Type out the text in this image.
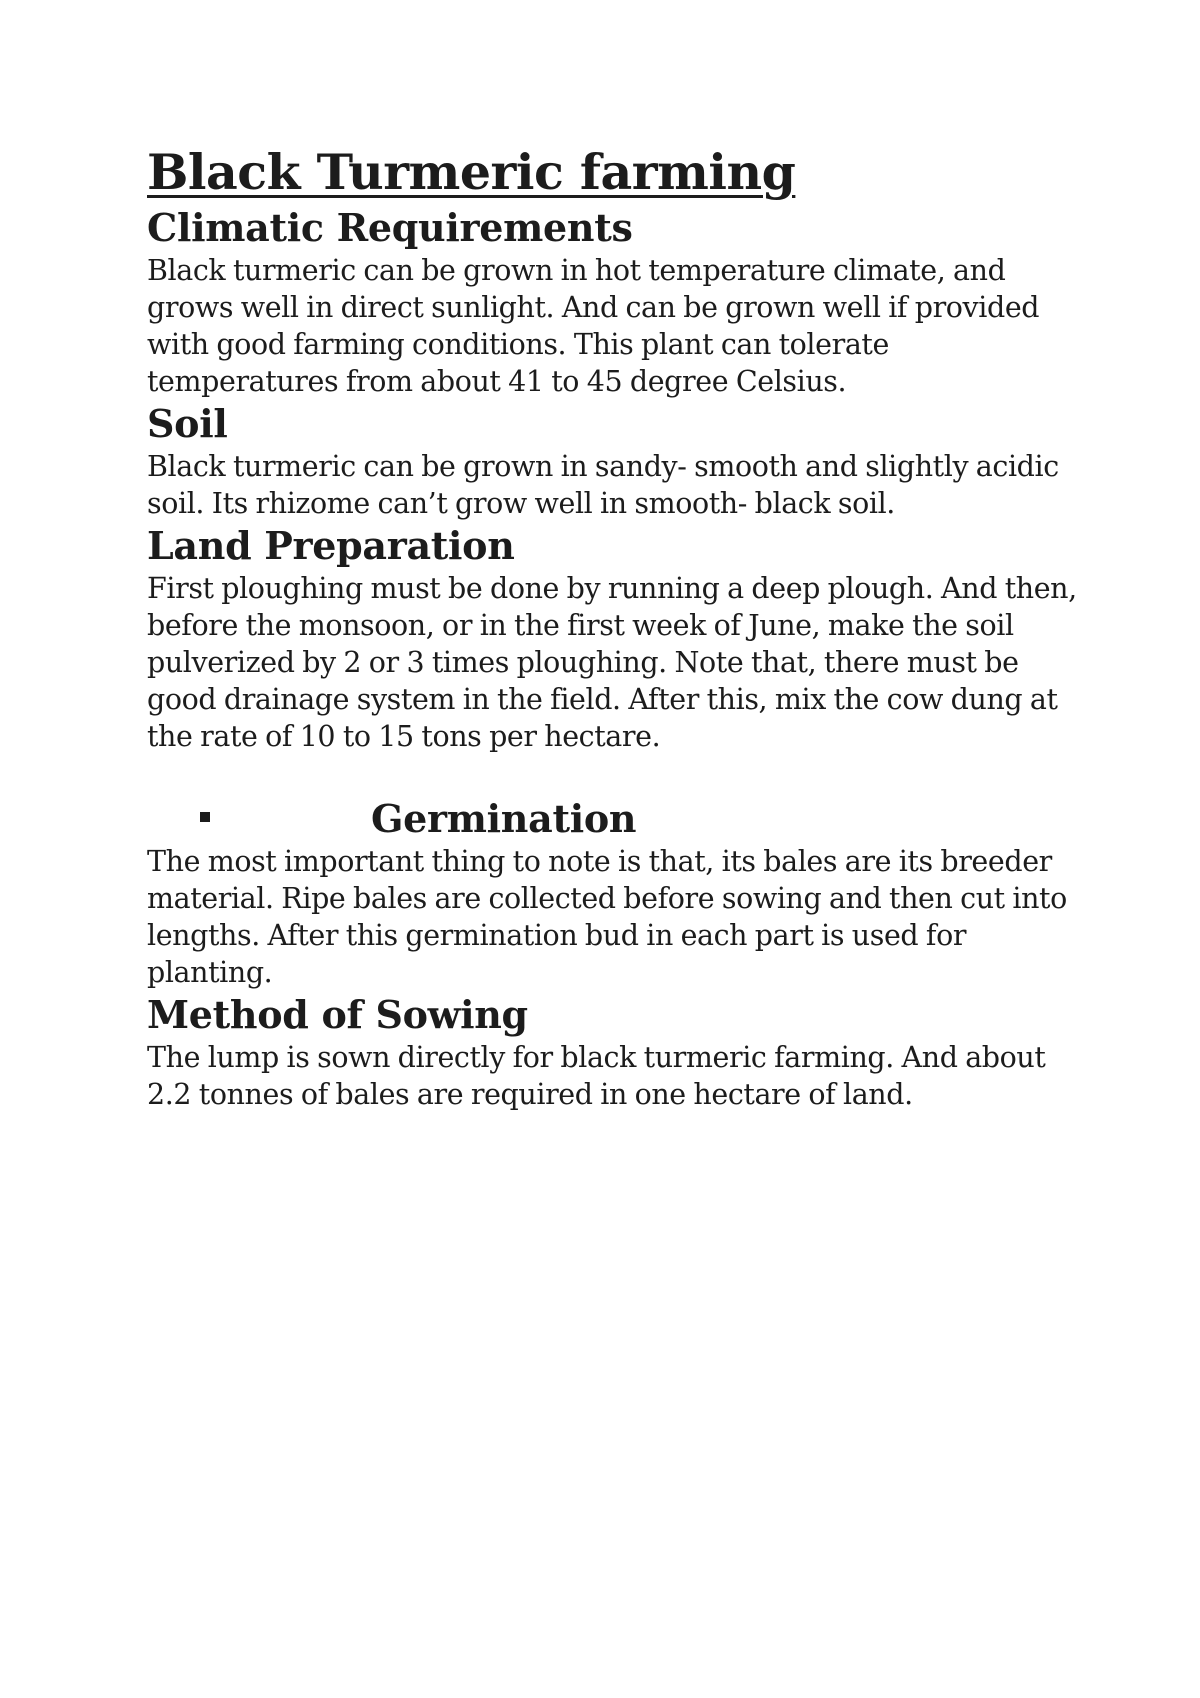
Black Turmeric farming
Climatic Requirements

Black turmeric can be grown in hot temperature climate, and grows well in direct sunlight. And can be grown well if provided with good farming conditions. This plant can tolerate temperatures from about 41 to 45 degree Celsius.

Soil

Black turmeric can be grown in sandy- smooth and slightly acidic soil. Its rhizome can’t grow well in smooth- black soil.

Land Preparation

First ploughing must be done by running a deep plough. And then, before the monsoon, or in the first week of June, make the soil pulverized by 2 or 3 times ploughing. Note that, there must be good drainage system in the field. After this, mix the cow dung at the rate of 10 to 15 tons per hectare.

Germination

The most important thing to note is that, its bales are its breeder material. Ripe bales are collected before sowing and then cut into lengths. After this germination bud in each part is used for planting.

Method of Sowing

The lump is sown directly for black turmeric farming. And about 2.2 tonnes of bales are required in one hectare of land.
